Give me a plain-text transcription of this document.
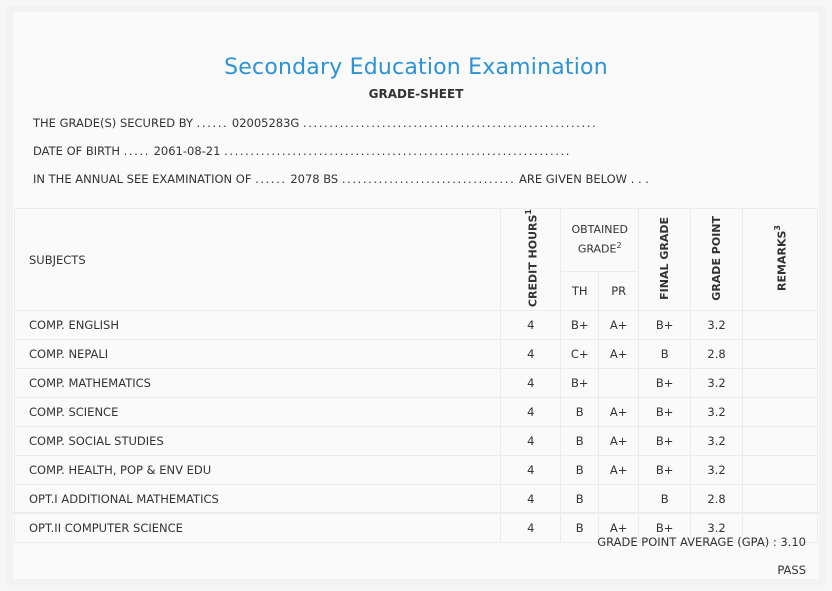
Secondary Education Examination
GRADE-SHEET
THE GRADE(S) SECURED BY ...... 02005283G ........................................................
DATE OF BIRTH ..... 2061-08-21 ..................................................................
IN THE ANNUAL SEE EXAMINATION OF ...... 2078 BS ................................. ARE GIVEN BELOW . . .
SUBJECTS	CREDIT HOURS$^1$	OBTAINED GRADE$^2$		FINAL GRADE	GRADE POINT	REMARKS$^3$
		TH	PR			
COMP. ENGLISH	4	B+	A+	B+	3.2	
COMP. NEPALI	4	C+	A+	B	2.8	
COMP. MATHEMATICS	4	B+		B+	3.2	
COMP. SCIENCE	4	B	A+	B+	3.2	
COMP. SOCIAL STUDIES	4	B	A+	B+	3.2	
COMP. HEALTH, POP & ENV EDU	4	B	A+	B+	3.2	
OPT.I ADDITIONAL MATHEMATICS	4	B		B	2.8	
OPT.II COMPUTER SCIENCE	4	B	A+	B+	3.2	
GRADE POINT AVERAGE (GPA) : 3.10
PASS
